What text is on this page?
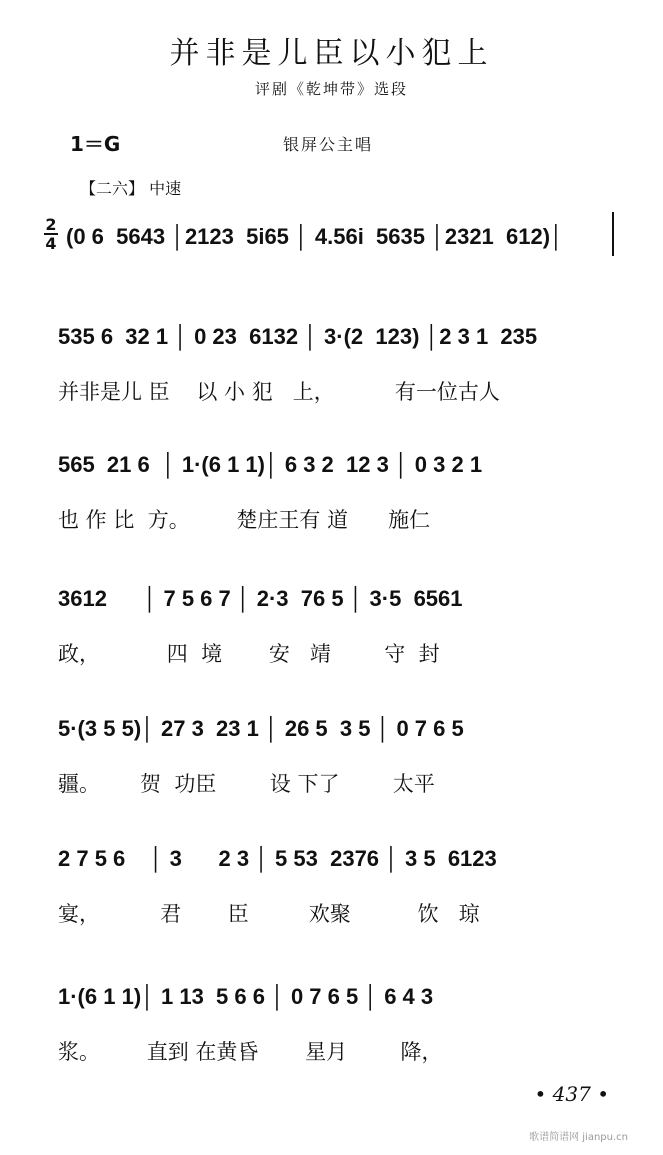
并非是儿臣以小犯上
评剧《乾坤带》选段
1＝G	银屏公主唱
【二六】 中速
2
4 (0 6  5643 │2123  5i65 │ 4.56i  5635 │2321  612)│
535 6  32 1 │ 0 23  6132 │ 3·(2  123) │2 3 1  235
并非是儿 臣    以 小 犯   上，         有一位古人
565  21 6  │ 1·(6 1 1)│ 6 3 2  12 3 │ 0 3 2 1
也 作 比  方。       楚庄王有 道      施仁
3612      │ 7 5 6 7 │ 2·3  76 5 │ 3·5  6561
政，          四  境       安   靖        守  封
5·(3 5 5)│ 27 3  23 1 │ 26 5  3 5 │ 0 7 6 5
疆。      贺  功臣        设 下了        太平
2 7 5 6    │ 3      2 3 │ 5 53  2376 │ 3 5  6123
宴，         君       臣         欢聚          饮   琼
1·(6 1 1)│ 1 13  5 6 6 │ 0 7 6 5 │ 6 4 3
浆。       直到 在黄昏       星月        降，
• 437 •
歌谱简谱网 jianpu.cn
